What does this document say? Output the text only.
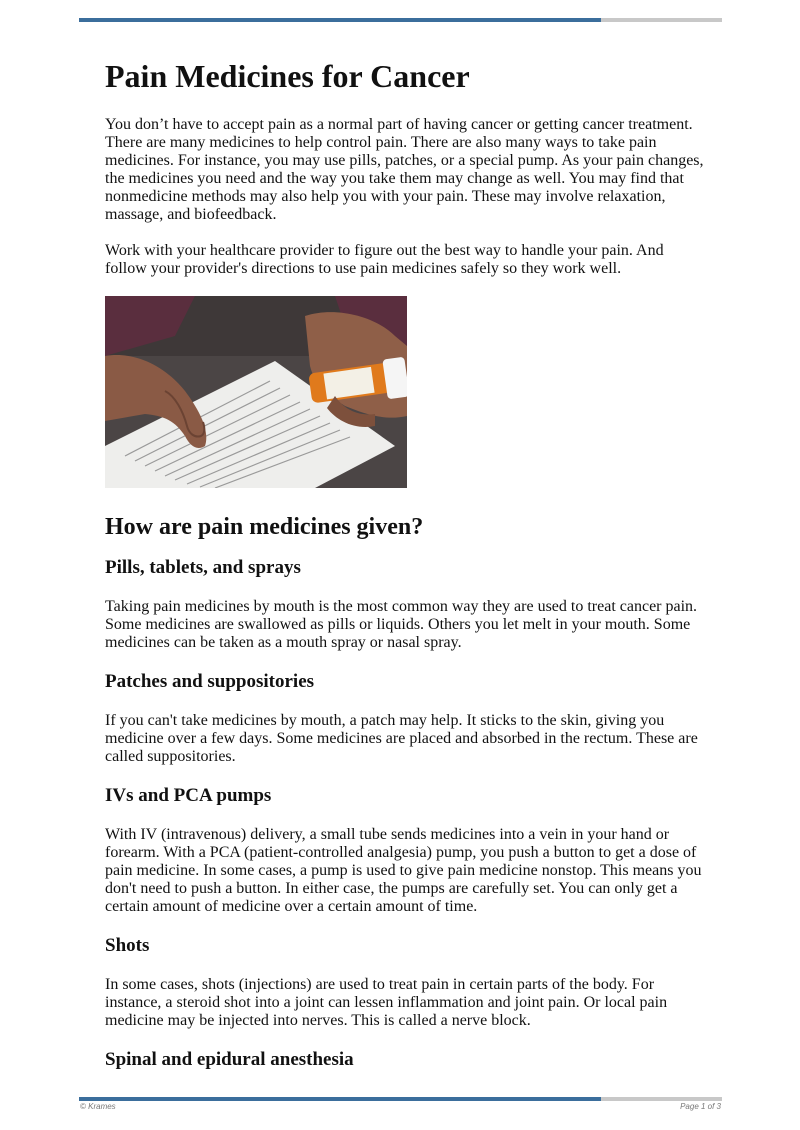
Pain Medicines for Cancer

You don’t have to accept pain as a normal part of having cancer or getting cancer treatment. There are many medicines to help control pain. There are also many ways to take pain medicines. For instance, you may use pills, patches, or a special pump. As your pain changes, the medicines you need and the way you take them may change as well. You may find that nonmedicine methods may also help you with your pain. These may involve relaxation, massage, and biofeedback.

Work with your healthcare provider to figure out the best way to handle your pain. And follow your provider's directions to use pain medicines safely so they work well.

How are pain medicines given?
Pills, tablets, and sprays

Taking pain medicines by mouth is the most common way they are used to treat cancer pain. Some medicines are swallowed as pills or liquids. Others you let melt in your mouth. Some medicines can be taken as a mouth spray or nasal spray.

Patches and suppositories

If you can't take medicines by mouth, a patch may help. It sticks to the skin, giving you medicine over a few days. Some medicines are placed and absorbed in the rectum. These are called suppositories.

IVs and PCA pumps

With IV (intravenous) delivery, a small tube sends medicines into a vein in your hand or forearm. With a PCA (patient-controlled analgesia) pump, you push a button to get a dose of pain medicine. In some cases, a pump is used to give pain medicine nonstop. This means you don't need to push a button. In either case, the pumps are carefully set. You can only get a certain amount of medicine over a certain amount of time.

Shots

In some cases, shots (injections) are used to treat pain in certain parts of the body. For instance, a steroid shot into a joint can lessen inflammation and joint pain. Or local pain medicine may be injected into nerves. This is called a nerve block.

Spinal and epidural anesthesia
© Krames	Page 1 of 3
